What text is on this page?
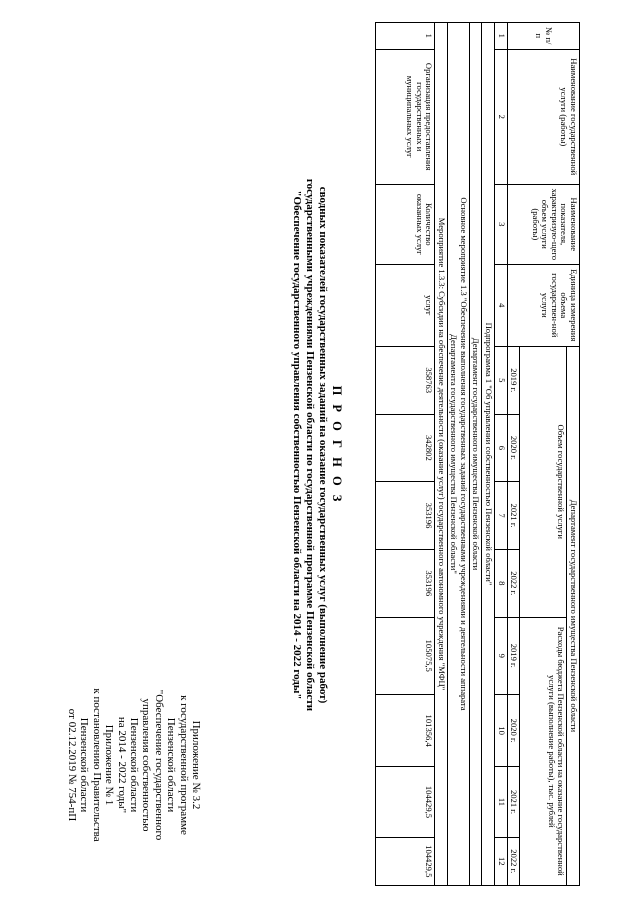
Приложение № 1
к постановлению Правительства
Пензенской области
от 02.12.2019 № 754-пП	Приложение № 3.2
к государственной программе
Пензенской области
"Обеспечение государственного
управления собственностью
Пензенской области
на 2014 - 2022 годы"
П Р О Г Н О З
сводных показателей государственных заданий на оказание государственных услуг (выполнение работ)
государственными учреждениями Пензенской области по государственной программе Пензенской области
"Обеспечение государственного управления собственностью Пензенской области на 2014 - 2022 годы"
№ п/п	Наименование государственной услуги (работы)	Наименование показателя, характеризую-щего объем услуги (работы)	Единица измерения объема государствен-ной услуги	Департамент государственного имущества Пензенской области							
				Объем государственной услуги				Расходы бюджета Пензенской области на оказание государственной услуги (выполнение работы), тыс. рублей			
				2019 г.	2020 г.	2021 г.	2022 г.	2019 г.	2020 г.	2021 г.	2022 г.
1	2	3	4	5	6	7	8	9	10	11	12
Подпрограмма 1 "Об управлении собственностью Пензенской области"											
Департамент государственного имущества Пензенской области											

Основное мероприятие 1.3 "Обеспечение выполнения государственных заданий государственными учреждениями и деятельности аппарата
Департамента государственного имущества Пензенской области"											

Мероприятие 1.3.3: Субсидии на обеспечение деятельности (оказание услуг) государственного автономного учреждения "МФЦ"											
1	Организация предоставления государственных и муниципальных услуг	Количество оказанных услуг	услуг	358763	342802	353196	353196	105075,5	101356,4	104429,5	104429,5
